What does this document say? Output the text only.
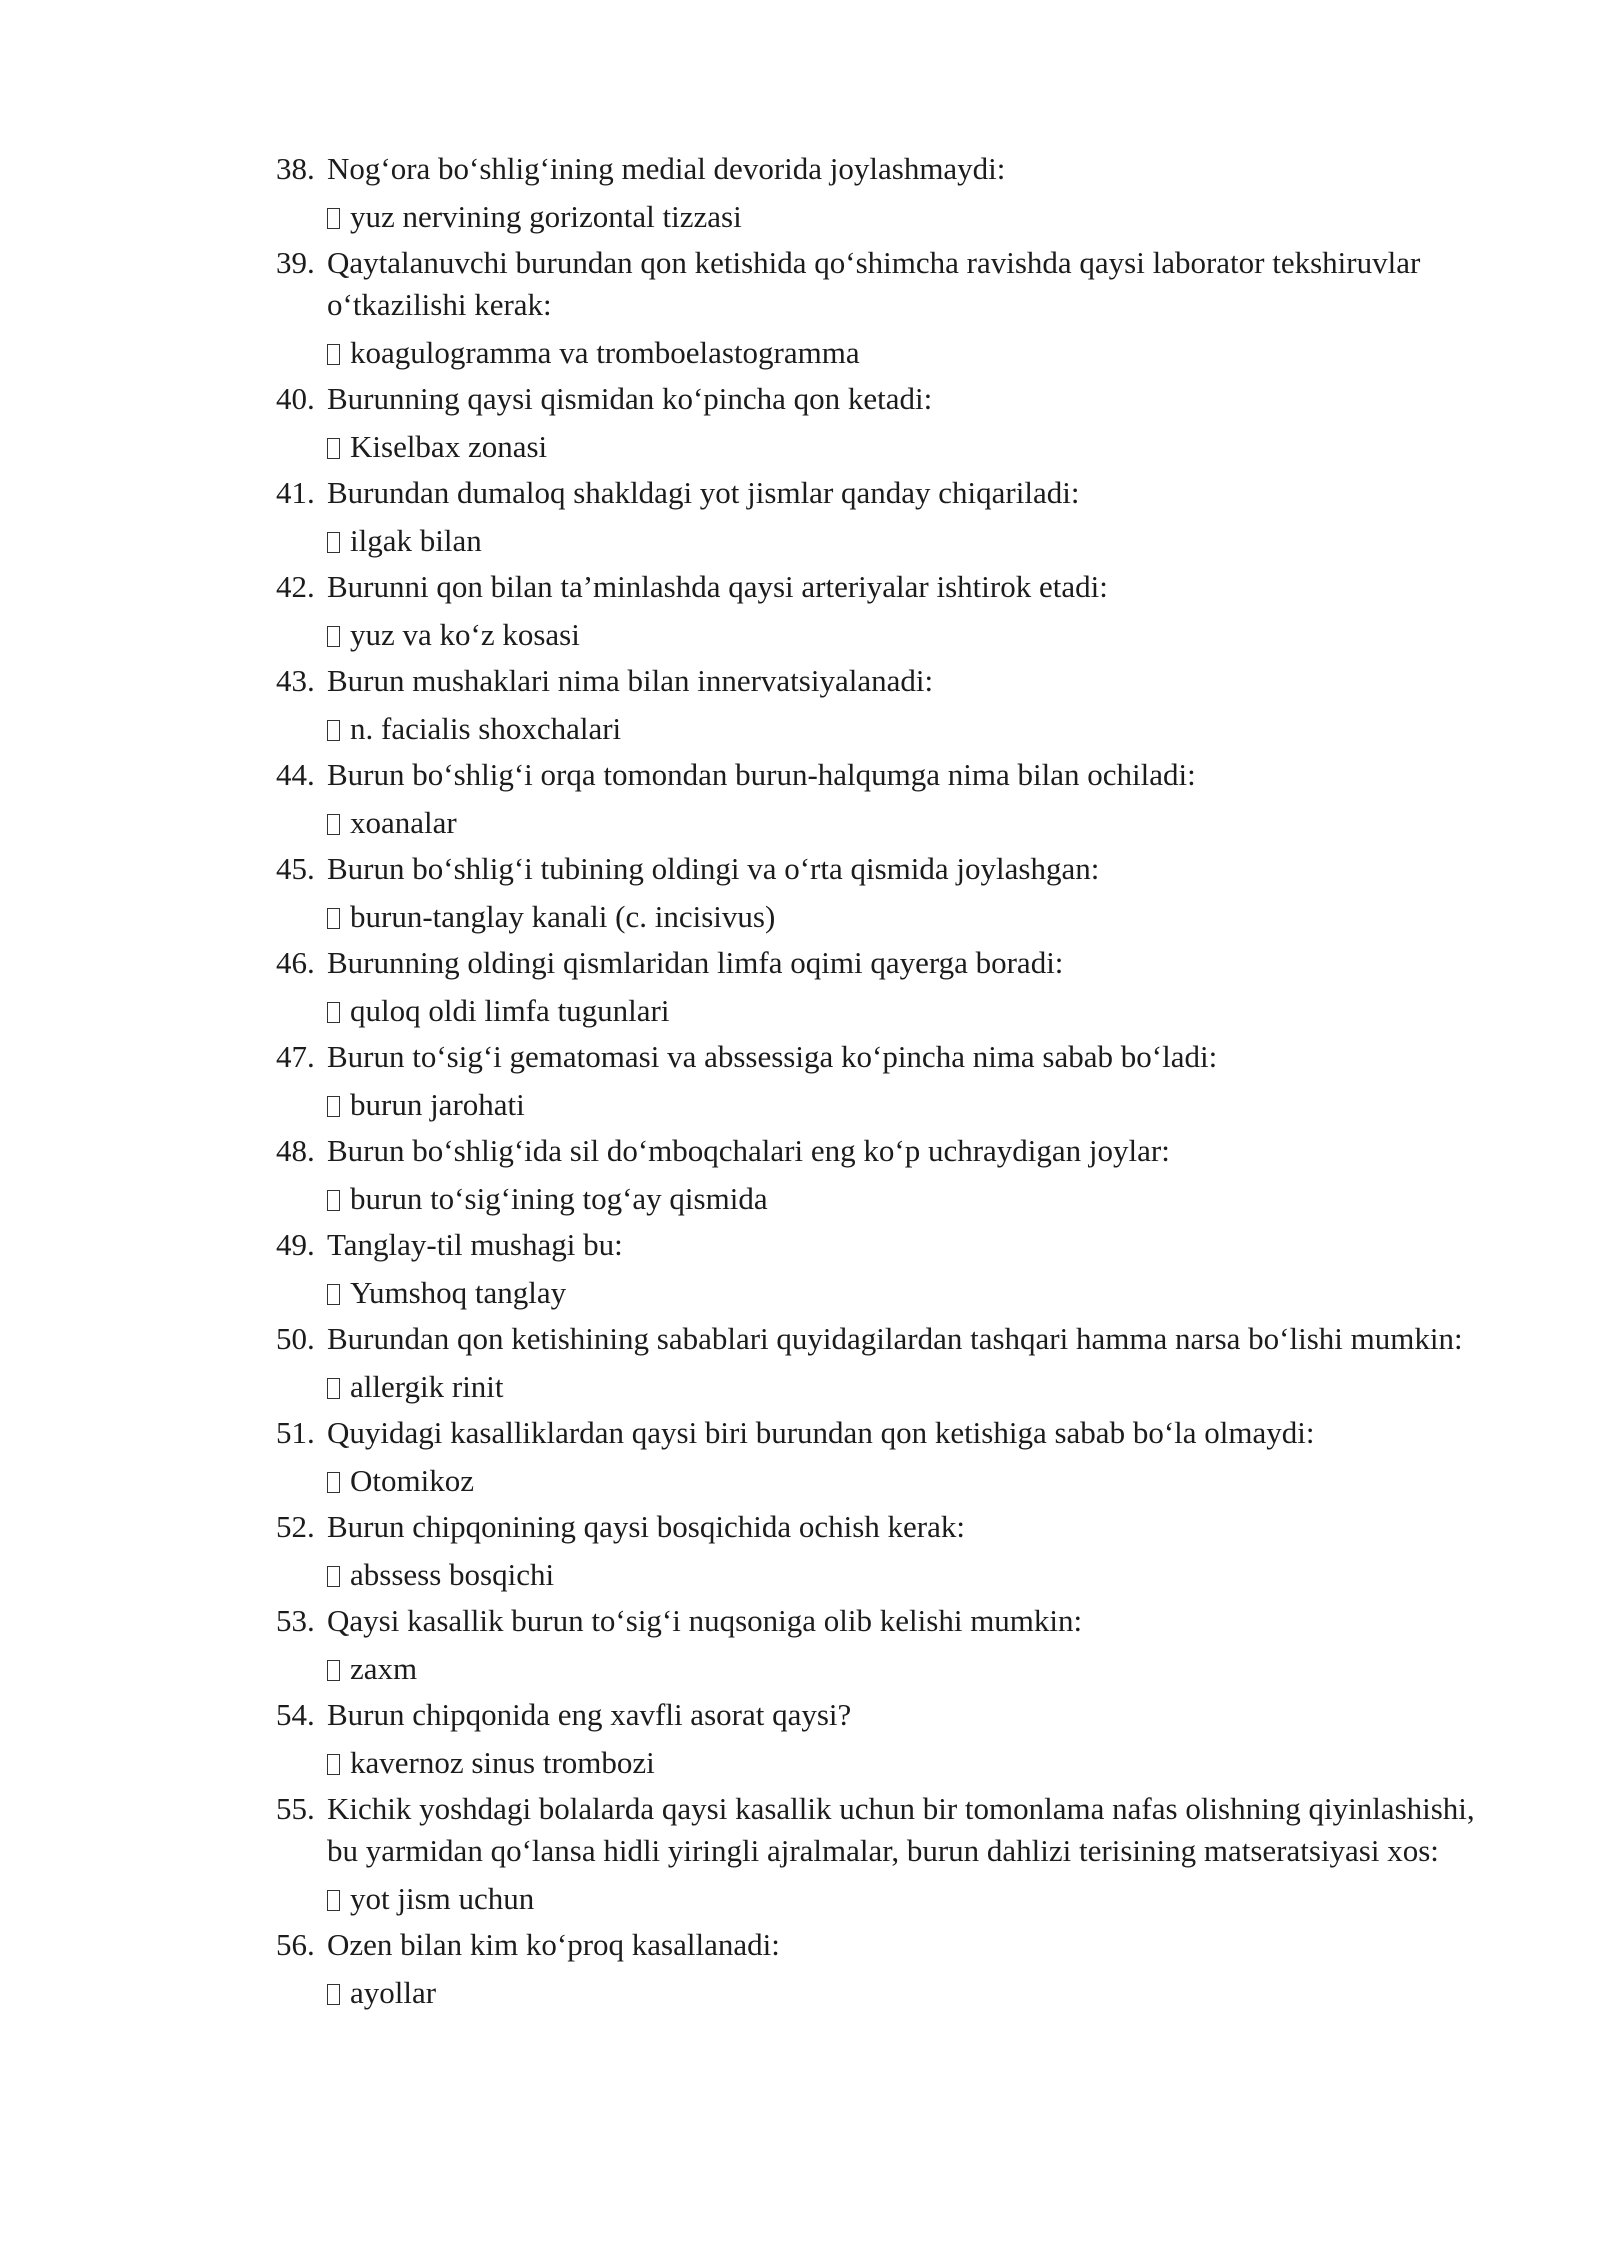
38. Nog‘ora bo‘shlig‘ining medial devorida joylashmaydi:
yuz nervining gorizontal tizzasi
39. Qaytalanuvchi burundan qon ketishida qo‘shimcha ravishda qaysi laborator tekshiruvlar o‘tkazilishi kerak:
koagulogramma va tromboelastogramma
40. Burunning qaysi qismidan ko‘pincha qon ketadi:
Kiselbax zonasi
41. Burundan dumaloq shakldagi yot jismlar qanday chiqariladi:
ilgak bilan
42. Burunni qon bilan ta’minlashda qaysi arteriyalar ishtirok etadi:
yuz va ko‘z kosasi
43. Burun mushaklari nima bilan innervatsiyalanadi:
n. facialis shoxchalari
44. Burun bo‘shlig‘i orqa tomondan burun-halqumga nima bilan ochiladi:
xoanalar
45. Burun bo‘shlig‘i tubining oldingi va o‘rta qismida joylashgan:
burun-tanglay kanali (c. incisivus)
46. Burunning oldingi qismlaridan limfa oqimi qayerga boradi:
quloq oldi limfa tugunlari
47. Burun to‘sig‘i gematomasi va abssessiga ko‘pincha nima sabab bo‘ladi:
burun jarohati
48. Burun bo‘shlig‘ida sil do‘mboqchalari eng ko‘p uchraydigan joylar:
burun to‘sig‘ining tog‘ay qismida
49. Tanglay-til mushagi bu:
Yumshoq tanglay
50. Burundan qon ketishining sabablari quyidagilardan tashqari hamma narsa bo‘lishi mumkin:
allergik rinit
51. Quyidagi kasalliklardan qaysi biri burundan qon ketishiga sabab bo‘la olmaydi:
Otomikoz
52. Burun chipqonining qaysi bosqichida ochish kerak:
abssess bosqichi
53. Qaysi kasallik burun to‘sig‘i nuqsoniga olib kelishi mumkin:
zaxm
54. Burun chipqonida eng xavfli asorat qaysi?
kavernoz sinus trombozi
55. Kichik yoshdagi bolalarda qaysi kasallik uchun bir tomonlama nafas olishning qiyinlashishi, bu yarmidan qo‘lansa hidli yiringli ajralmalar, burun dahlizi terisining matseratsiyasi xos:
yot jism uchun
56. Ozen bilan kim ko‘proq kasallanadi:
ayollar
